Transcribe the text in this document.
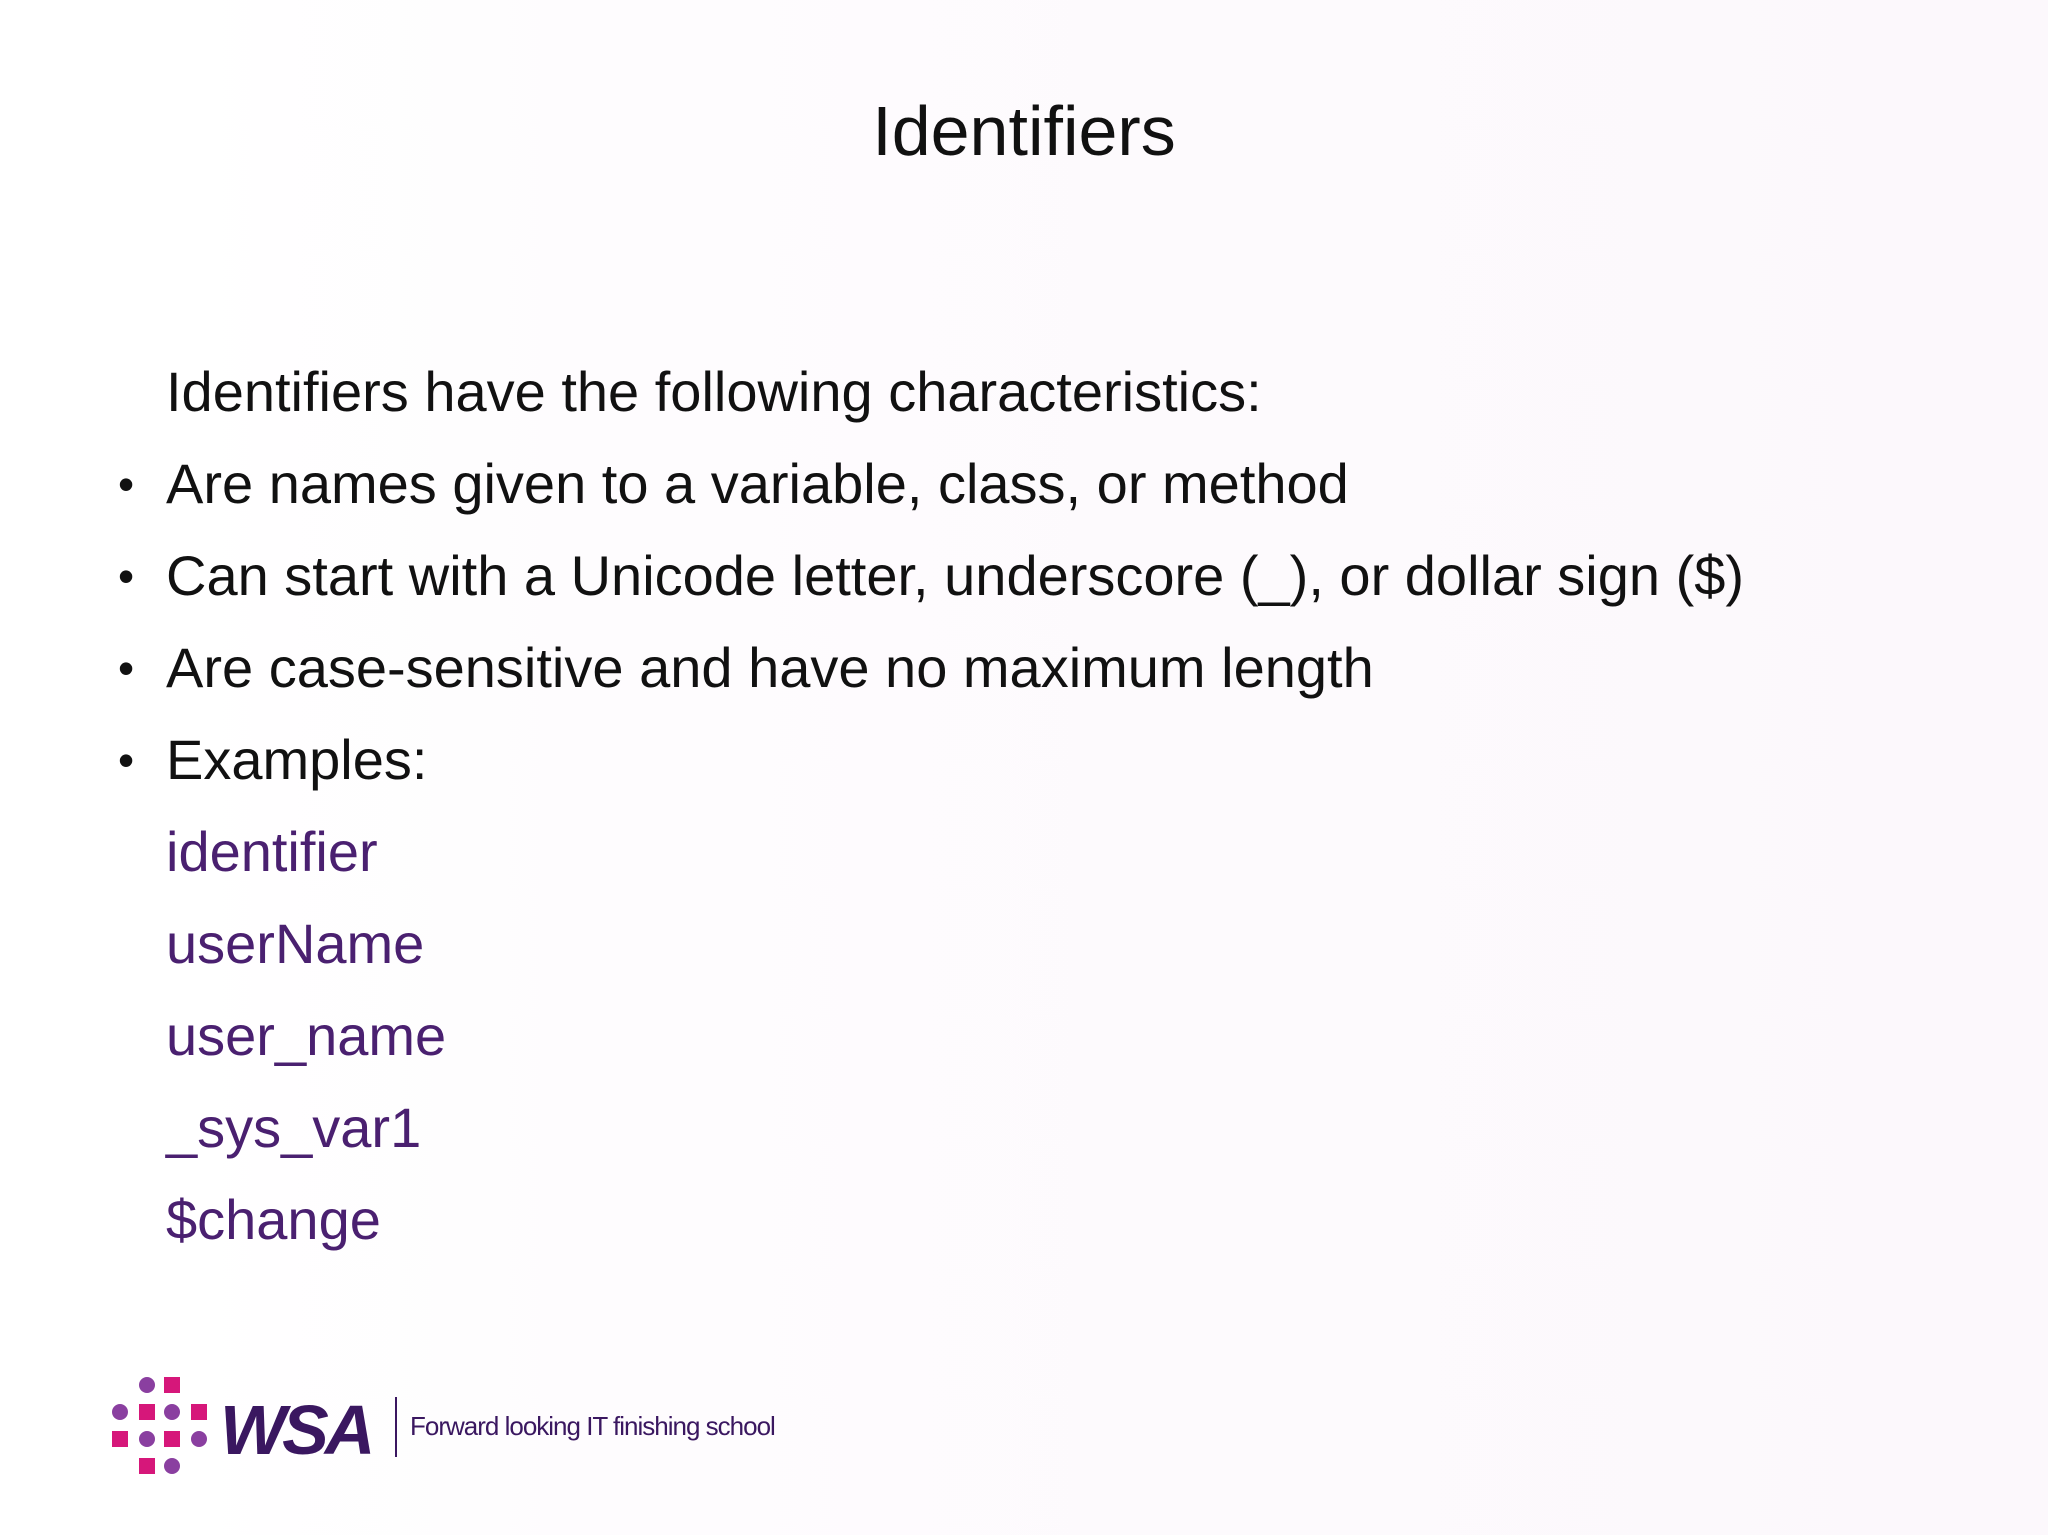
Identifiers
Identifiers have the following characteristics:
• Are names given to a variable, class, or method
• Can start with a Unicode letter, underscore (_), or dollar sign ($)
• Are case-sensitive and have no maximum length
• Examples:
identifier
userName
user_name
_sys_var1
$change
WSA Forward looking IT finishing school
